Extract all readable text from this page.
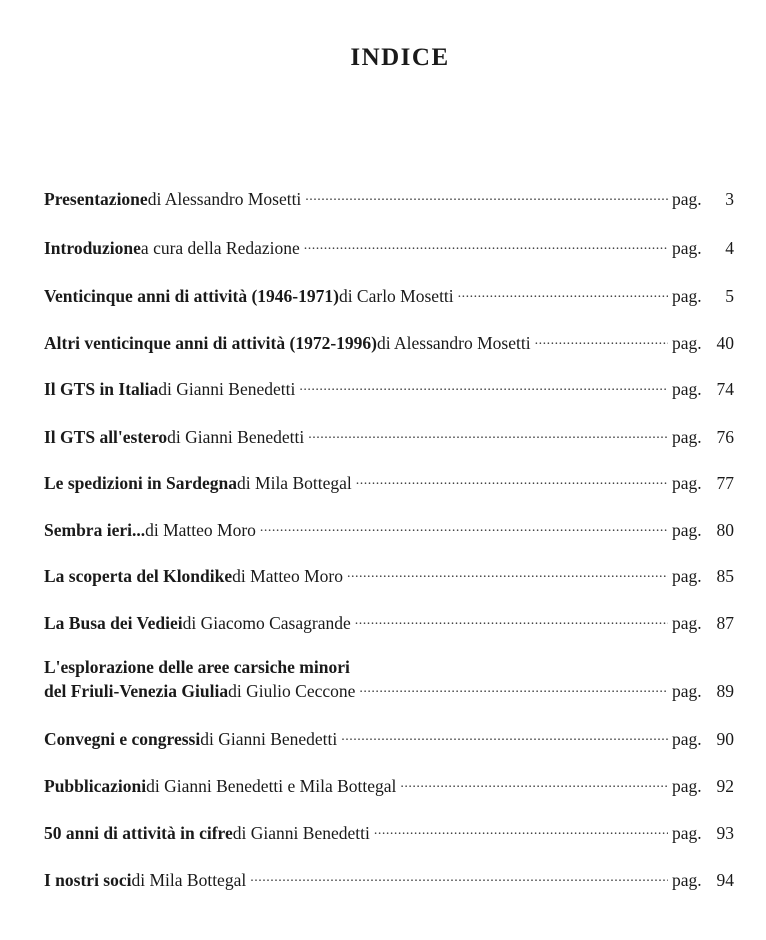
INDICE
Presentazione di Alessandro Mosetti .....	pag.	3
Introduzione a cura della Redazione .....	pag.	4
Venticinque anni di attività (1946-1971) di Carlo Mosetti .....	pag.	5
Altri venticinque anni di attività (1972-1996) di Alessandro Mosetti .....	pag. 40
Il GTS in Italia di Gianni Benedetti .....	pag. 74
Il GTS all'estero di Gianni Benedetti .....	pag. 76
Le spedizioni in Sardegna di Mila Bottegal .....	pag. 77
Sembra ieri... di Matteo Moro .....	pag. 80
La scoperta del Klondike di Matteo Moro .....	pag. 85
La Busa dei Vediei di Giacomo Casagrande .....	pag. 87
L'esplorazione delle aree carsiche minori
del Friuli-Venezia Giulia di Giulio Ceccone .....	pag. 89
Convegni e congressi di Gianni Benedetti .....	pag. 90
Pubblicazioni di Gianni Benedetti e Mila Bottegal .....	pag. 92
50 anni di attività in cifre di Gianni Benedetti .....	pag. 93
I nostri soci di Mila Bottegal .....	pag. 94
